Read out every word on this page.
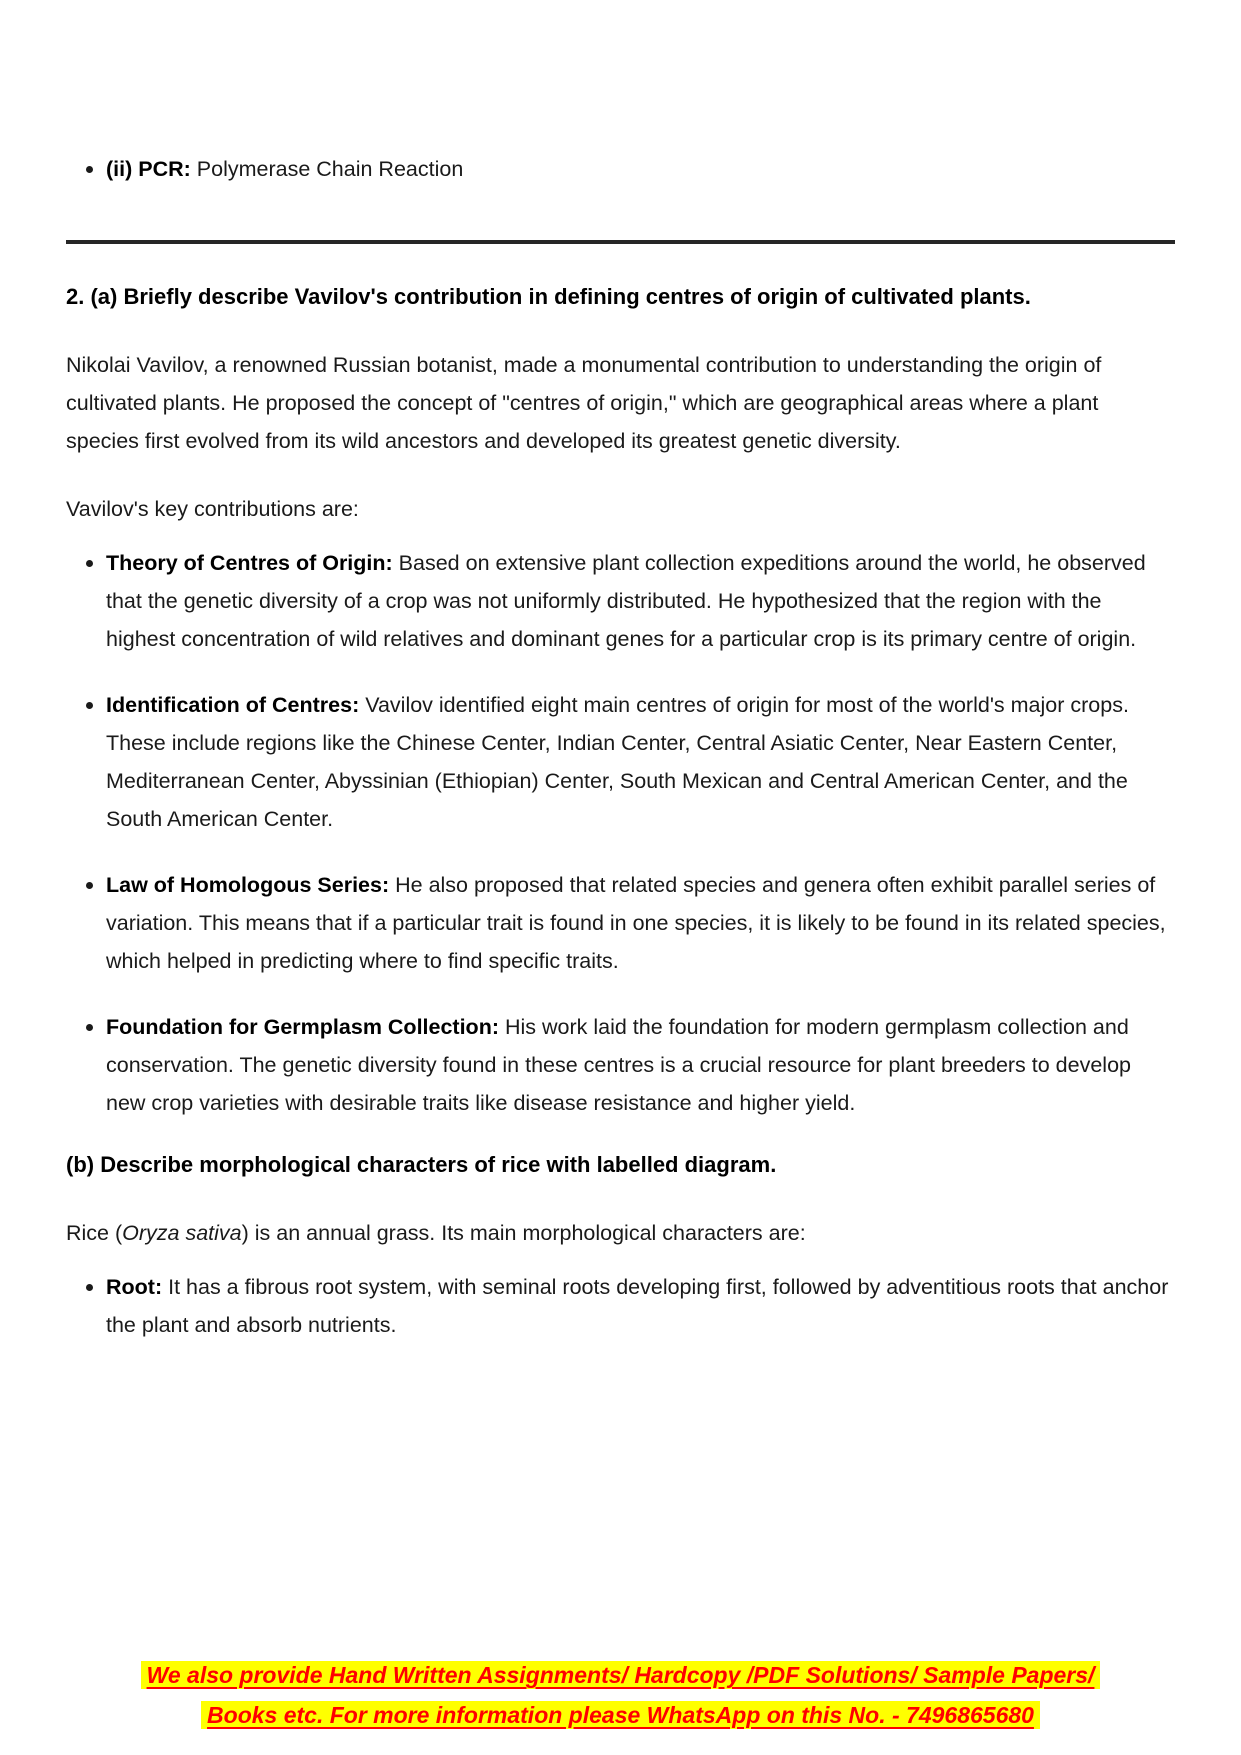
(ii) PCR: Polymerase Chain Reaction
2. (a) Briefly describe Vavilov's contribution in defining centres of origin of cultivated plants.

Nikolai Vavilov, a renowned Russian botanist, made a monumental contribution to understanding the origin of cultivated plants. He proposed the concept of "centres of origin," which are geographical areas where a plant species first evolved from its wild ancestors and developed its greatest genetic diversity.

Vavilov's key contributions are:

Theory of Centres of Origin: Based on extensive plant collection expeditions around the world, he observed that the genetic diversity of a crop was not uniformly distributed. He hypothesized that the region with the highest concentration of wild relatives and dominant genes for a particular crop is its primary centre of origin.
Identification of Centres: Vavilov identified eight main centres of origin for most of the world's major crops. These include regions like the Chinese Center, Indian Center, Central Asiatic Center, Near Eastern Center, Mediterranean Center, Abyssinian (Ethiopian) Center, South Mexican and Central American Center, and the South American Center.
Law of Homologous Series: He also proposed that related species and genera often exhibit parallel series of variation. This means that if a particular trait is found in one species, it is likely to be found in its related species, which helped in predicting where to find specific traits.
Foundation for Germplasm Collection: His work laid the foundation for modern germplasm collection and conservation. The genetic diversity found in these centres is a crucial resource for plant breeders to develop new crop varieties with desirable traits like disease resistance and higher yield.
(b) Describe morphological characters of rice with labelled diagram.

Rice (Oryza sativa) is an annual grass. Its main morphological characters are:

Root: It has a fibrous root system, with seminal roots developing first, followed by adventitious roots that anchor the plant and absorb nutrients.
We also provide Hand Written Assignments/ Hardcopy /PDF Solutions/ Sample Papers/
Books etc. For more information please WhatsApp on this No. - 7496865680
